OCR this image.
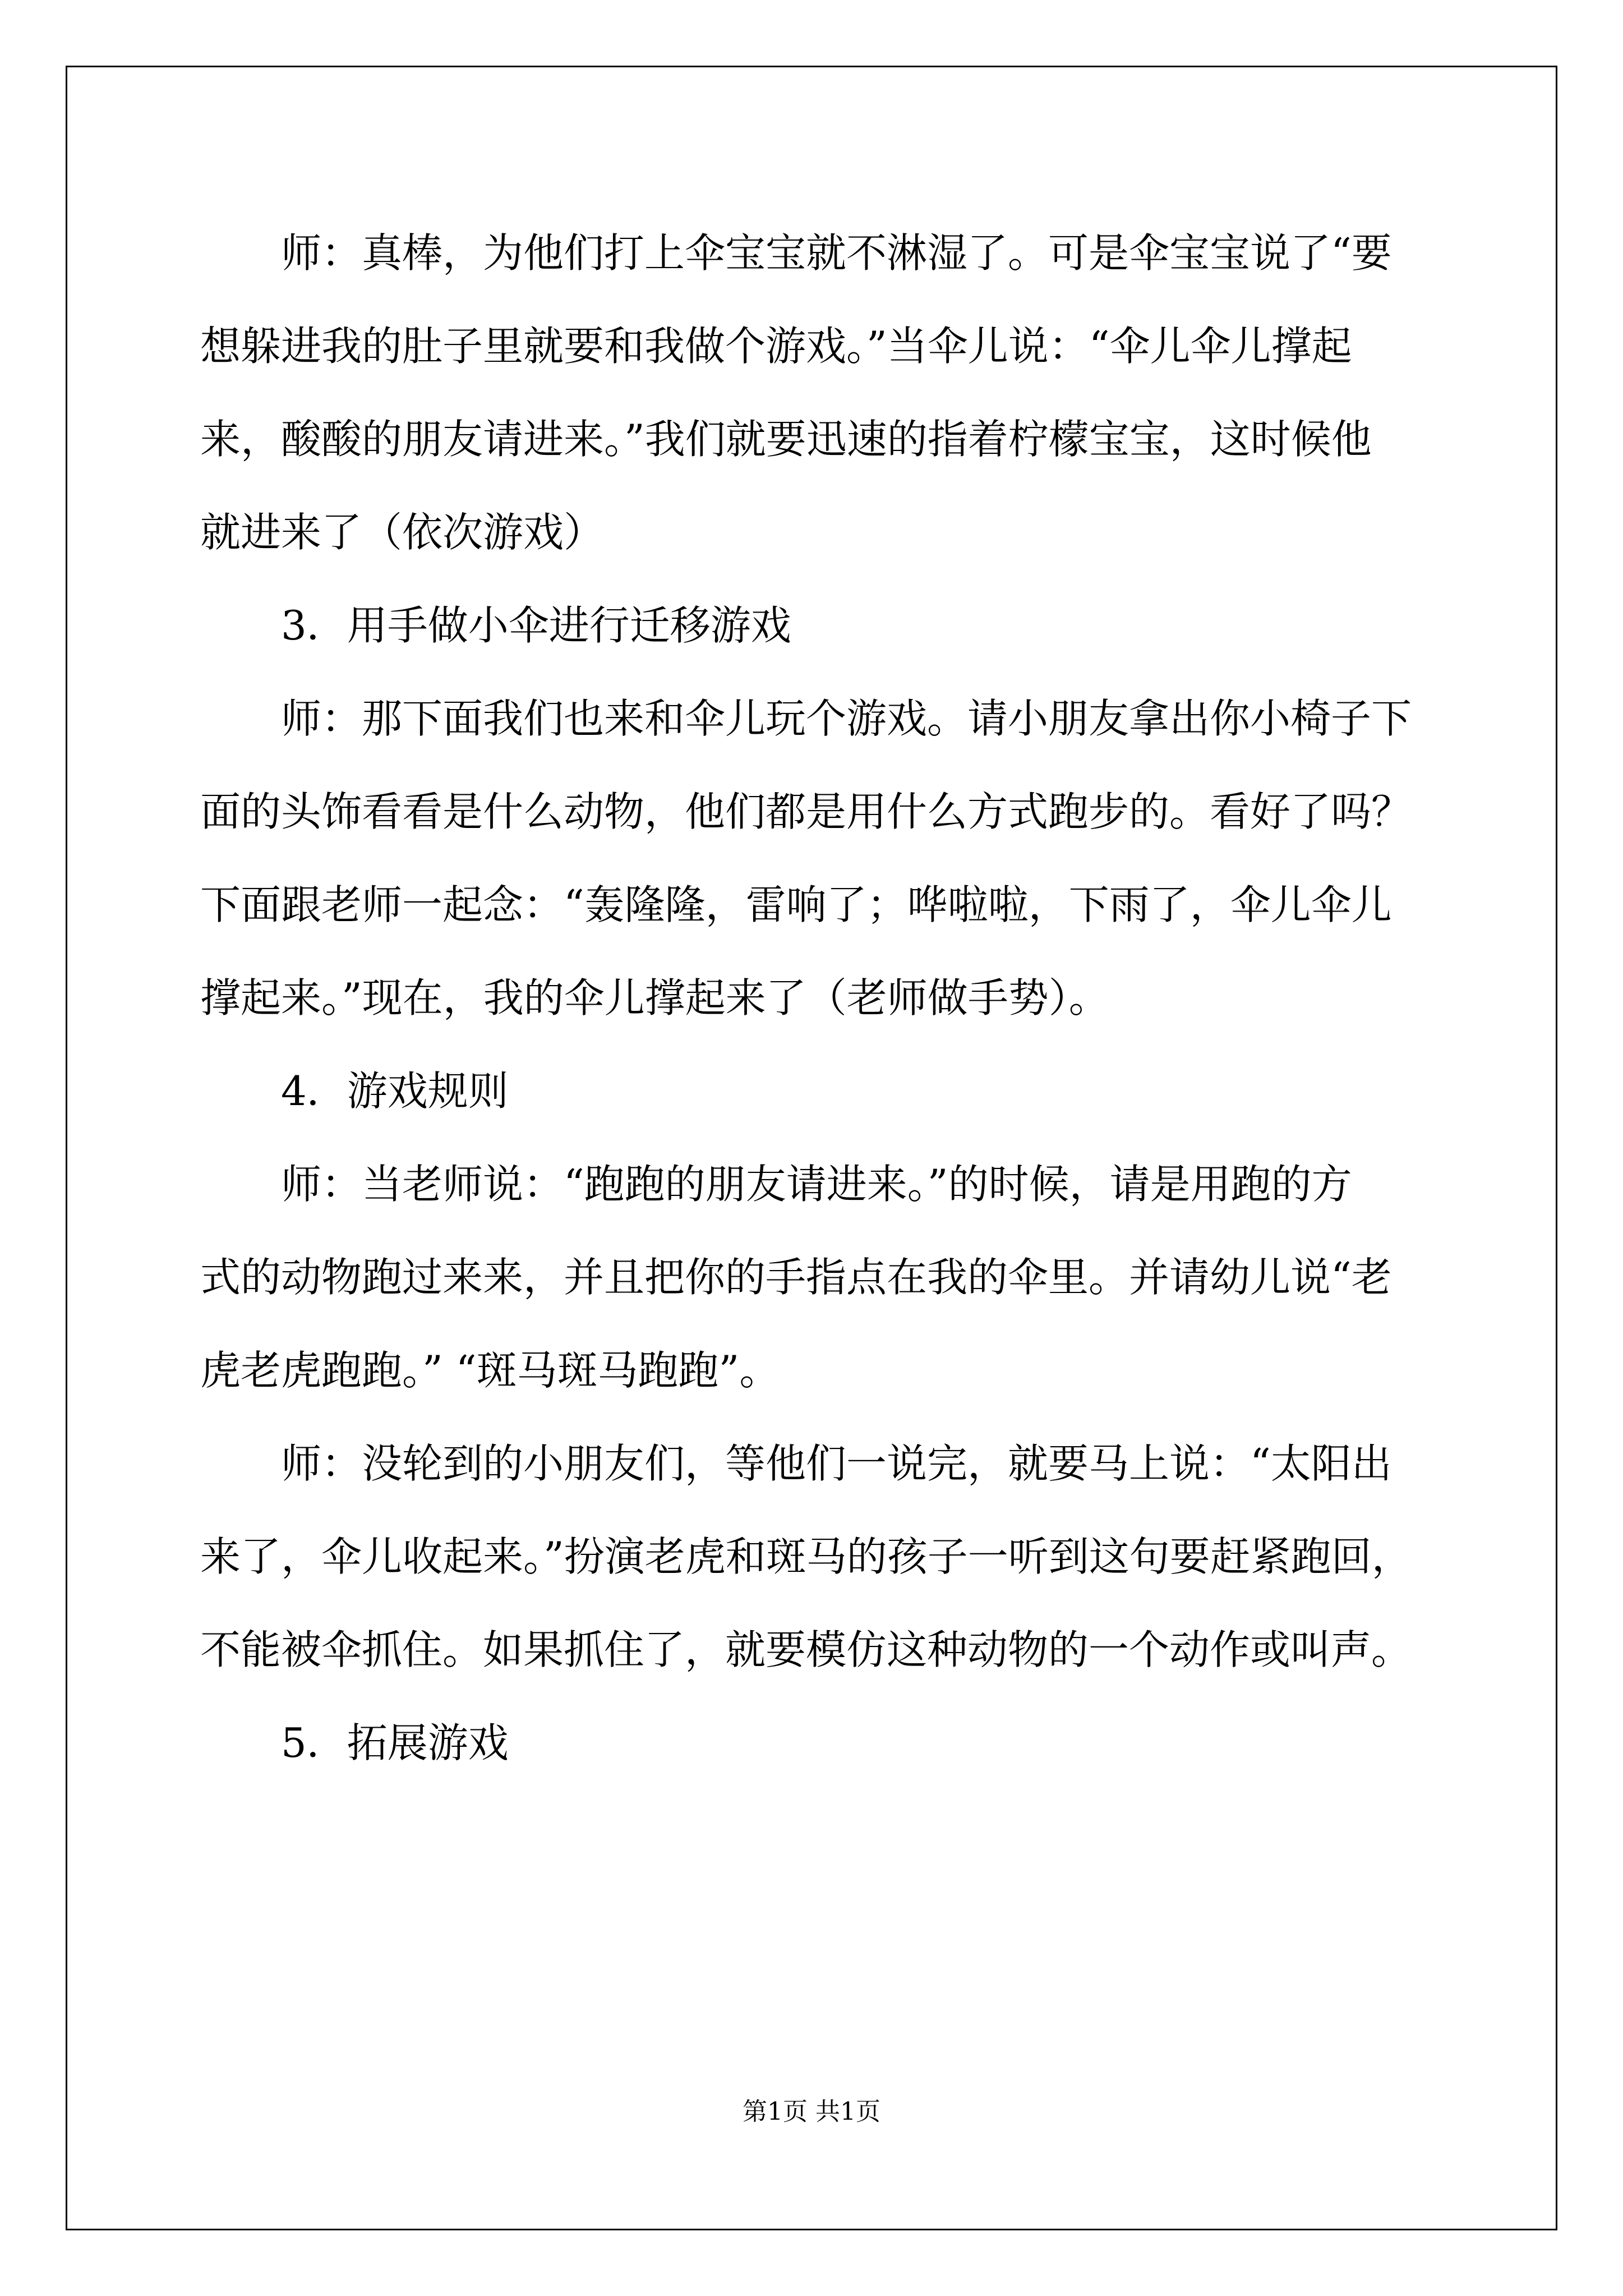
师：真棒，为他们打上伞宝宝就不淋湿了。可是伞宝宝说了“要
想躲进我的肚子里就要和我做个游戏。”当伞儿说：“伞儿伞儿撑起
来，酸酸的朋友请进来。”我们就要迅速的指着柠檬宝宝，这时候他
就进来了（依次游戏）
3．用手做小伞进行迁移游戏
师：那下面我们也来和伞儿玩个游戏。请小朋友拿出你小椅子下
面的头饰看看是什么动物，他们都是用什么方式跑步的。看好了吗？
下面跟老师一起念：“轰隆隆，雷响了；哗啦啦，下雨了，伞儿伞儿
撑起来。”现在，我的伞儿撑起来了（老师做手势）。
4．游戏规则
师：当老师说：“跑跑的朋友请进来。”的时候，请是用跑的方
式的动物跑过来来，并且把你的手指点在我的伞里。并请幼儿说“老
虎老虎跑跑。” “斑马斑马跑跑”。
师：没轮到的小朋友们，等他们一说完，就要马上说：“太阳出
来了，伞儿收起来。”扮演老虎和斑马的孩子一听到这句要赶紧跑回，
不能被伞抓住。如果抓住了，就要模仿这种动物的一个动作或叫声。
5．拓展游戏
第1页 共1页
